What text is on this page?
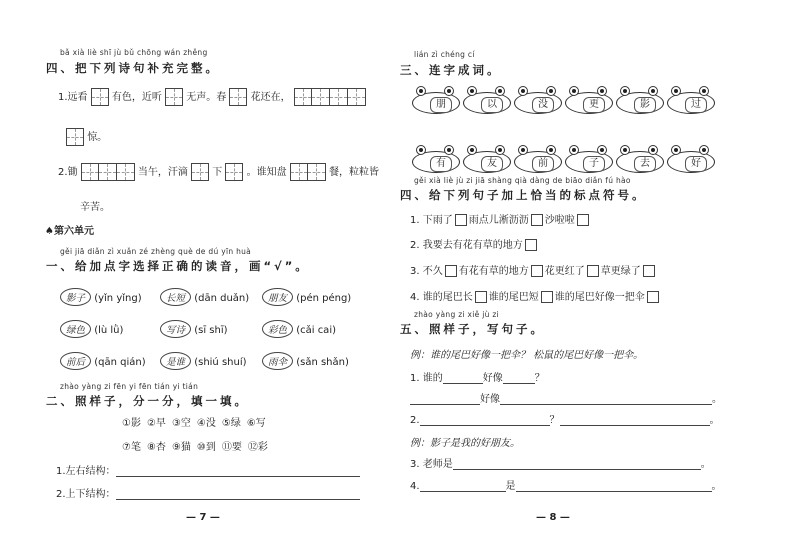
bǎ xià liè shī jù bǔ chōng wán zhěng
四、把下列诗句补充完整。
1.远看 有色，近听 无声。春 花还在，
惊。
2.锄	当午，汗滴 下 。谁知盘	餐，粒粒皆
辛苦。
♠第六单元
gěi jiā diǎn zì xuǎn zé zhèng què de dú yīn huà
一、给加点字选择正确的读音，画“√”。
影子 (yǐn yǐng)	长短 (dān duǎn)	朋友 (pén péng)
绿色 (lù lǜ)	写诗 (sī shī)	彩色 (cǎi cai)
前后 (qān qián)	是谁 (shiú shuí)	雨伞 (sǎn shǎn)
zhào yàng zi fēn yi fēn tián yi tián
二、照样子，分一分，填一填。
①影 ②早 ③空 ④没 ⑤绿 ⑥写
⑦笔 ⑧杏 ⑨猫 ⑩到 ⑪要 ⑫彩
1.左右结构：
2.上下结构：
— 7 —
lián zì chéng cí
三、连字成词。
朋	以	没	更	影	过
有	友	前	子	去	好
gěi xià liè jù zi jiā shàng qià dàng de biāo diǎn fú hào
四、给下列句子加上恰当的标点符号。
1. 下雨了 雨点儿淅沥沥 沙啦啦
2. 我要去有花有草的地方
3. 不久 有花有草的地方 花更红了 草更绿了
4. 谁的尾巴长 谁的尾巴短 谁的尾巴好像一把伞
zhào yàng zi xiě jù zi
五、照样子，写句子。
例：谁的尾巴好像一把伞？ 松鼠的尾巴好像一把伞。
1. 谁的	好像	？
好像	。
2.	？	。
例：影子是我的好朋友。
3. 老师是	。
4.	是	。
— 8 —
